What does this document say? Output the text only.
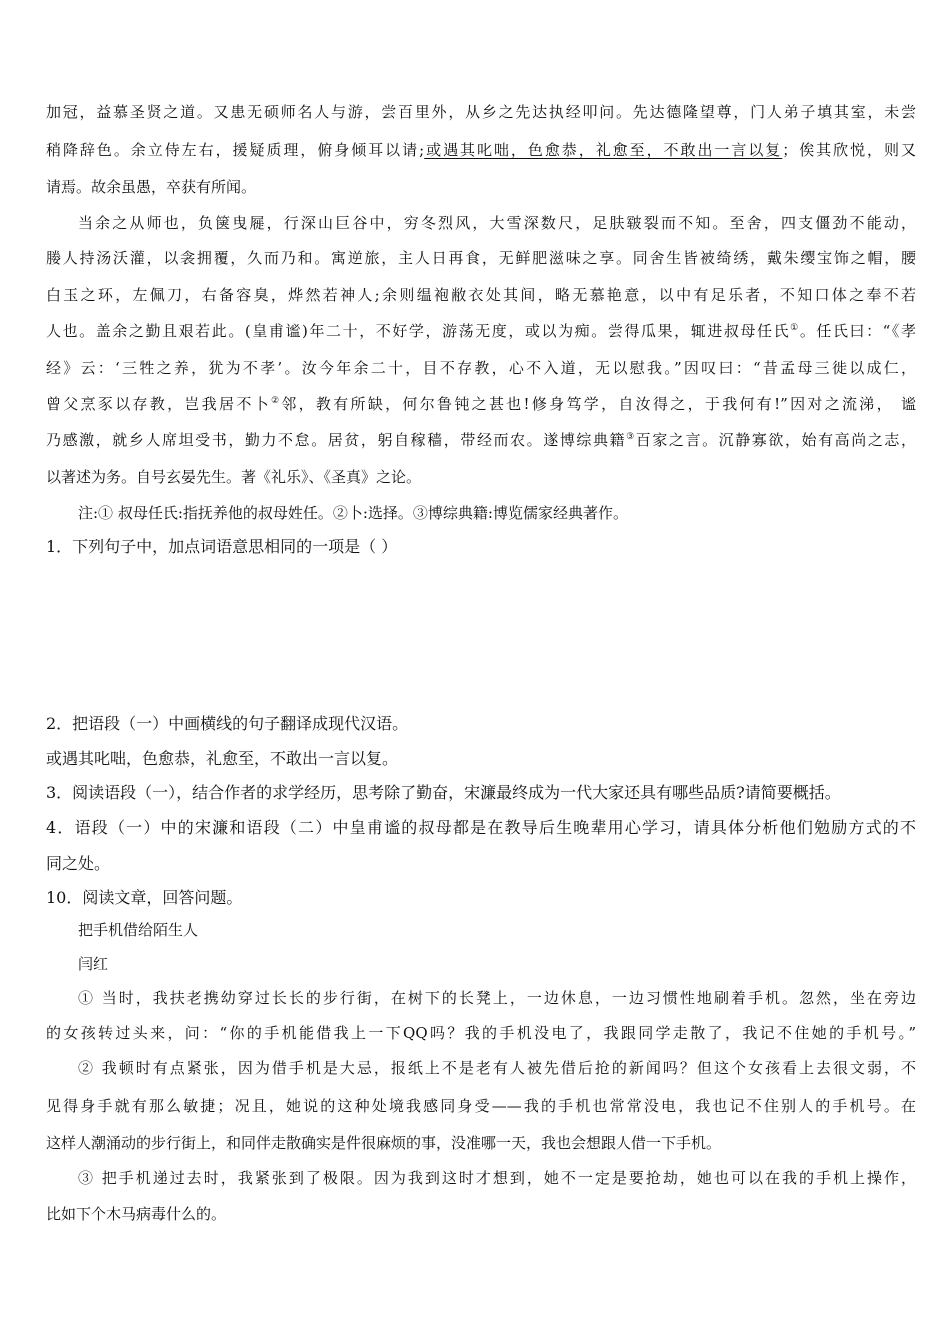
加冠，益慕圣贤之道。又患无硕师名人与游，尝百里外，从乡之先达执经叩问。先达德隆望尊，门人弟子填其室，未尝
稍降辞色。余立侍左右，援疑质理，俯身倾耳以请;或遇其叱咄，色愈恭，礼愈至，不敢出一言以复；俟其欣悦，则又
请焉。故余虽愚，卒获有所闻。
当余之从师也，负箧曳屣，行深山巨谷中，穷冬烈风，大雪深数尺，足肤皲裂而不知。至舍，四支僵劲不能动，
媵人持汤沃灌，以衾拥覆，久而乃和。寓逆旅，主人日再食，无鲜肥滋味之享。同舍生皆被绮绣，戴朱缨宝饰之帽，腰
白玉之环，左佩刀，右备容臭，烨然若神人;余则缊袍敝衣处其间，略无慕艳意，以中有足乐者，不知口体之奉不若
人也。盖余之勤且艰若此。(皇甫谧)年二十，不好学，游荡无度，或以为痴。尝得瓜果，辄进叔母任氏①。任氏曰：“《孝
经》云：‘三牲之养，犹为不孝’。汝今年余二十，目不存教，心不入道，无以慰我。”因叹曰：“昔孟母三徙以成仁，
曾父烹豕以存教，岂我居不卜②邻，教有所缺，何尔鲁钝之甚也!修身笃学，自汝得之，于我何有!”因对之流涕， 谧
乃感激，就乡人席坦受书，勤力不怠。居贫，躬自稼穑，带经而农。遂博综典籍③百家之言。沉静寡欲，始有高尚之志，
以著述为务。自号玄晏先生。著《礼乐》、《圣真》之论。
注:① 叔母任氏:指抚养他的叔母姓任。②卜:选择。③博综典籍:博览儒家经典著作。
1．下列句子中，加点词语意思相同的一项是（ ）
2．把语段（一）中画横线的句子翻译成现代汉语。
或遇其叱咄，色愈恭，礼愈至，不敢出一言以复。
3．阅读语段（一），结合作者的求学经历，思考除了勤奋，宋濂最终成为一代大家还具有哪些品质?请简要概括。
4．语段（一）中的宋濂和语段（二）中皇甫谧的叔母都是在教导后生晚辈用心学习，请具体分析他们勉励方式的不
同之处。
10．阅读文章，回答问题。
把手机借给陌生人
闫红
① 当时，我扶老携幼穿过长长的步行街，在树下的长凳上，一边休息，一边习惯性地刷着手机。忽然，坐在旁边
的女孩转过头来，问：“你的手机能借我上一下QQ吗？我的手机没电了，我跟同学走散了，我记不住她的手机号。”
② 我顿时有点紧张，因为借手机是大忌，报纸上不是老有人被先借后抢的新闻吗？但这个女孩看上去很文弱，不
见得身手就有那么敏捷；况且，她说的这种处境我感同身受——我的手机也常常没电，我也记不住别人的手机号。在
这样人潮涌动的步行街上，和同伴走散确实是件很麻烦的事，没准哪一天，我也会想跟人借一下手机。
③ 把手机递过去时，我紧张到了极限。因为我到这时才想到，她不一定是要抢劫，她也可以在我的手机上操作，
比如下个木马病毒什么的。
